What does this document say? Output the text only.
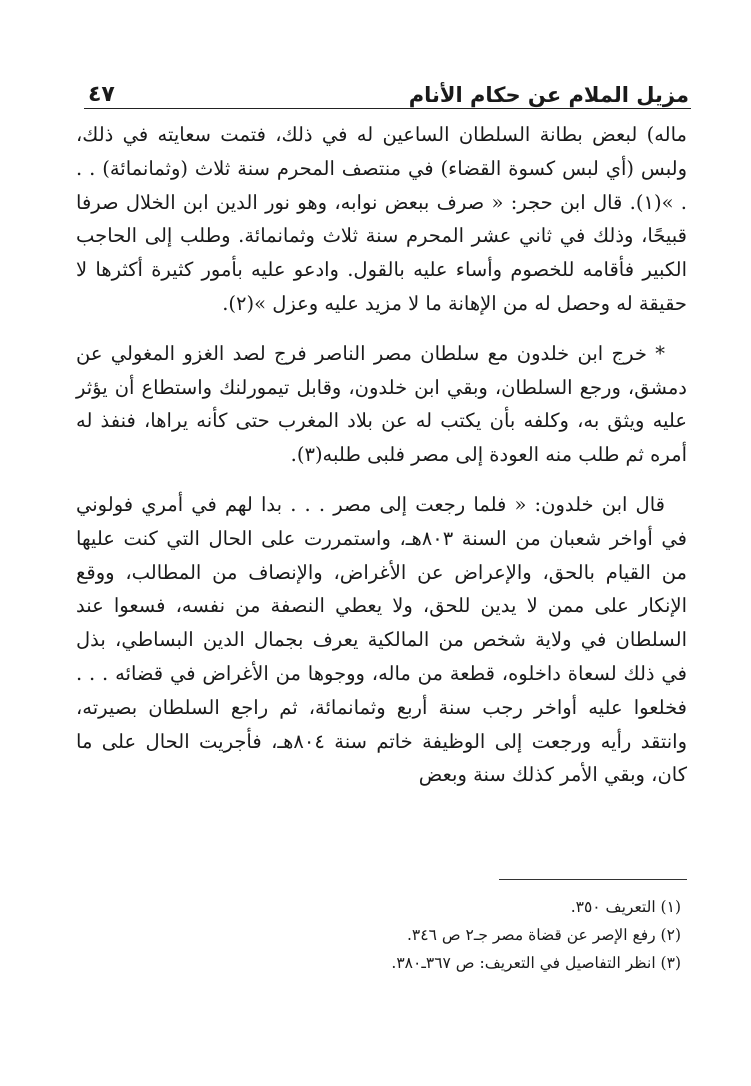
مزيل الملام عن حكام الأنام
٤٧

ماله) لبعض بطانة السلطان الساعين له في ذلك، فتمت سعايته في ذلك، ولبس (أي لبس كسوة القضاء) في منتصف المحرم سنة ثلاث (وثمانمائة) . . . »(١). قال ابن حجر: « صرف ببعض نوابه، وهو نور الدين ابن الخلال صرفا قبيحًا، وذلك في ثاني عشر المحرم سنة ثلاث وثمانمائة. وطلب إلى الحاجب الكبير فأقامه للخصوم وأساء عليه بالقول. وادعو عليه بأمور كثيرة أكثرها لا حقيقة له وحصل له من الإهانة ما لا مزيد عليه وعزل »(٢).

* خرج ابن خلدون مع سلطان مصر الناصر فرج لصد الغزو المغولي عن دمشق، ورجع السلطان، وبقي ابن خلدون، وقابل تيمورلنك واستطاع أن يؤثر عليه ويثق به، وكلفه بأن يكتب له عن بلاد المغرب حتى كأنه يراها، فنفذ له أمره ثم طلب منه العودة إلى مصر فلبى طلبه(٣).

قال ابن خلدون: « فلما رجعت إلى مصر . . . بدا لهم في أمري فولوني في أواخر شعبان من السنة ٨٠٣هـ، واستمررت على الحال التي كنت عليها من القيام بالحق، والإعراض عن الأغراض، والإنصاف من المطالب، ووقع الإنكار على ممن لا يدين للحق، ولا يعطي النصفة من نفسه، فسعوا عند السلطان في ولاية شخص من المالكية يعرف بجمال الدين البساطي، بذل في ذلك لسعاة داخلوه، قطعة من ماله، ووجوها من الأغراض في قضائه . . . فخلعوا عليه أواخر رجب سنة أربع وثمانمائة، ثم راجع السلطان بصيرته، وانتقد رأيه ورجعت إلى الوظيفة خاتم سنة ٨٠٤هـ، فأجريت الحال على ما كان، وبقي الأمر كذلك سنة وبعض

(١) التعريف ٣٥٠.
(٢) رفع الإصر عن قضاة مصر جـ٢ ص ٣٤٦.
(٣) انظر التفاصيل في التعريف: ص ٣٦٧ـ٣٨٠.
